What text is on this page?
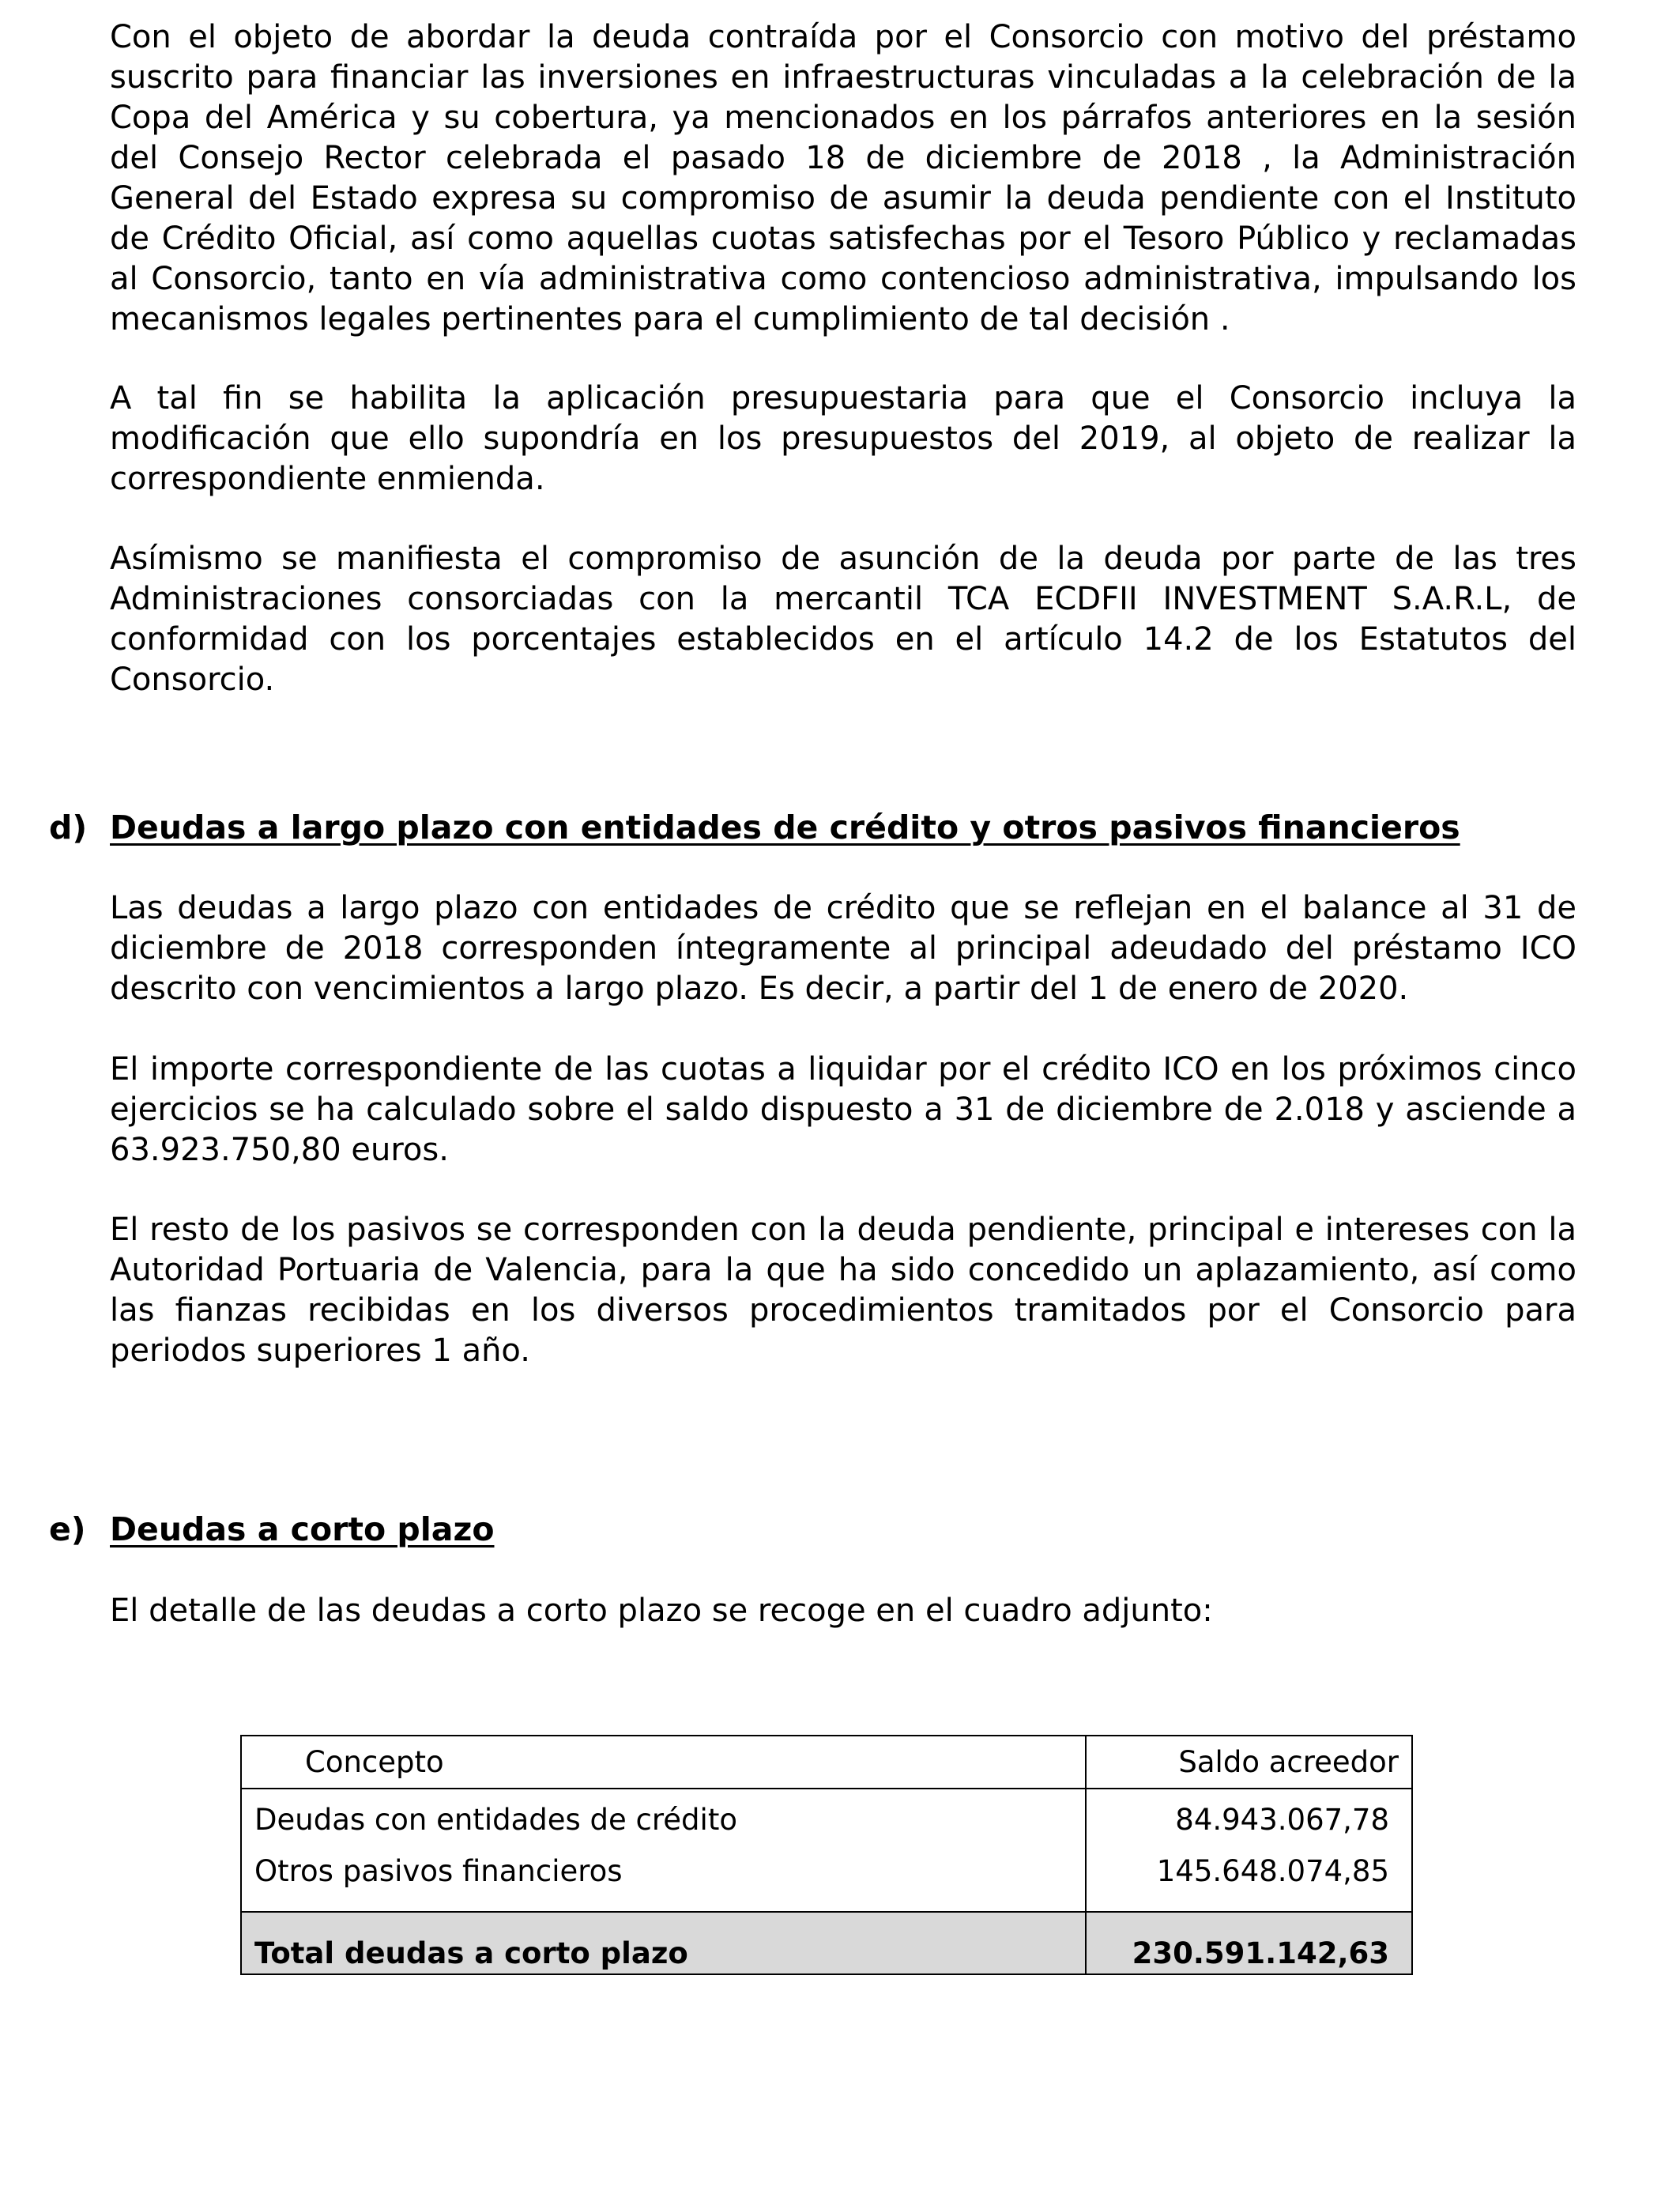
Con el objeto de abordar la deuda contraída por el Consorcio con motivo del préstamo suscrito para financiar las inversiones en infraestructuras vinculadas a la celebración de la Copa del América y su cobertura, ya mencionados en los párrafos anteriores en la sesión del Consejo Rector celebrada el pasado 18 de diciembre de 2018 , la Administración General del Estado expresa su compromiso de asumir la deuda pendiente con el Instituto de Crédito Oficial, así como aquellas cuotas satisfechas por el Tesoro Público y reclamadas al Consorcio, tanto en vía administrativa como contencioso administrativa, impulsando los mecanismos legales pertinentes para el cumplimiento de tal decisión .

A tal fin se habilita la aplicación presupuestaria para que el Consorcio incluya la modificación que ello supondría en los presupuestos del 2019, al objeto de realizar la correspondiente enmienda.

Asímismo se manifiesta el compromiso de asunción de la deuda por parte de las tres Administraciones consorciadas con la mercantil TCA ECDFII INVESTMENT S.A.R.L, de conformidad con los porcentajes establecidos en el artículo 14.2 de los Estatutos del Consorcio.

d) Deudas a largo plazo con entidades de crédito y otros pasivos financieros

Las deudas a largo plazo con entidades de crédito que se reflejan en el balance al 31 de diciembre de 2018 corresponden íntegramente al principal adeudado del préstamo ICO descrito con vencimientos a largo plazo. Es decir, a partir del 1 de enero de 2020.

El importe correspondiente de las cuotas a liquidar por el crédito ICO en los próximos cinco ejercicios se ha calculado sobre el saldo dispuesto a 31 de diciembre de 2.018 y asciende a 63.923.750,80 euros.

El resto de los pasivos se corresponden con la deuda pendiente, principal e intereses con la Autoridad Portuaria de Valencia, para la que ha sido concedido un aplazamiento, así como las fianzas recibidas en los diversos procedimientos tramitados por el Consorcio para periodos superiores 1 año.

e) Deudas a corto plazo

El detalle de las deudas a corto plazo se recoge en el cuadro adjunto:

Concepto	Saldo acreedor
Deudas con entidades de crédito	84.943.067,78
Otros pasivos financieros	145.648.074,85
Total deudas a corto plazo	230.591.142,63
